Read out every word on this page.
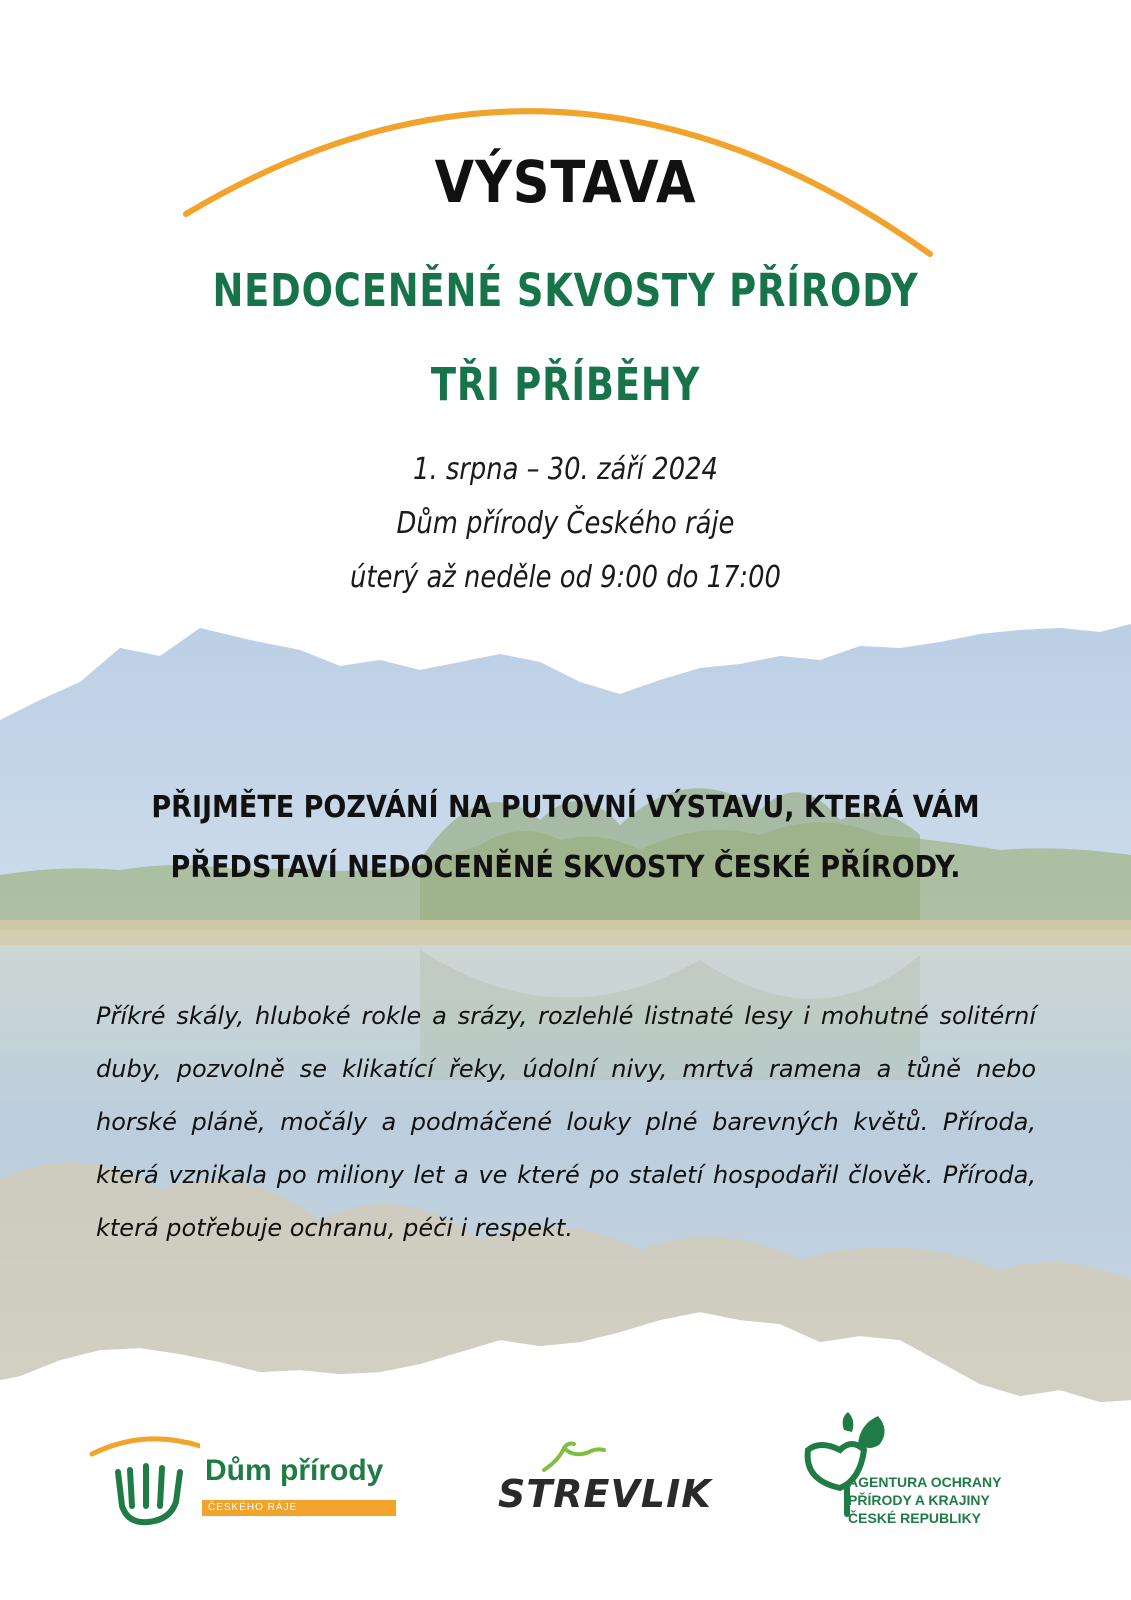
VÝSTAVA
NEDOCENĚNÉ SKVOSTY PŘÍRODY
TŘI PŘÍBĚHY
1. srpna – 30. září 2024
Dům přírody Českého ráje
úterý až neděle od 9:00 do 17:00
PŘIJMĚTE POZVÁNÍ NA PUTOVNÍ VÝSTAVU, KTERÁ VÁM
PŘEDSTAVÍ NEDOCENĚNÉ SKVOSTY ČESKÉ PŘÍRODY.
Příkré skály, hluboké rokle a srázy, rozlehlé listnaté lesy i mohutné solitérní duby, pozvolně se klikatící řeky, údolní nivy, mrtvá ramena a tůně nebo horské pláně, močály a podmáčené louky plné barevných květů. Příroda, která vznikala po miliony let a ve které po staletí hospodařil člověk. Příroda, která potřebuje ochranu, péči i respekt.
Dům přírody
ČESKÉHO RÁJE	STREVLIK	AGENTURA OCHRANY
PŘÍRODY A KRAJINY
ČESKÉ REPUBLIKY
